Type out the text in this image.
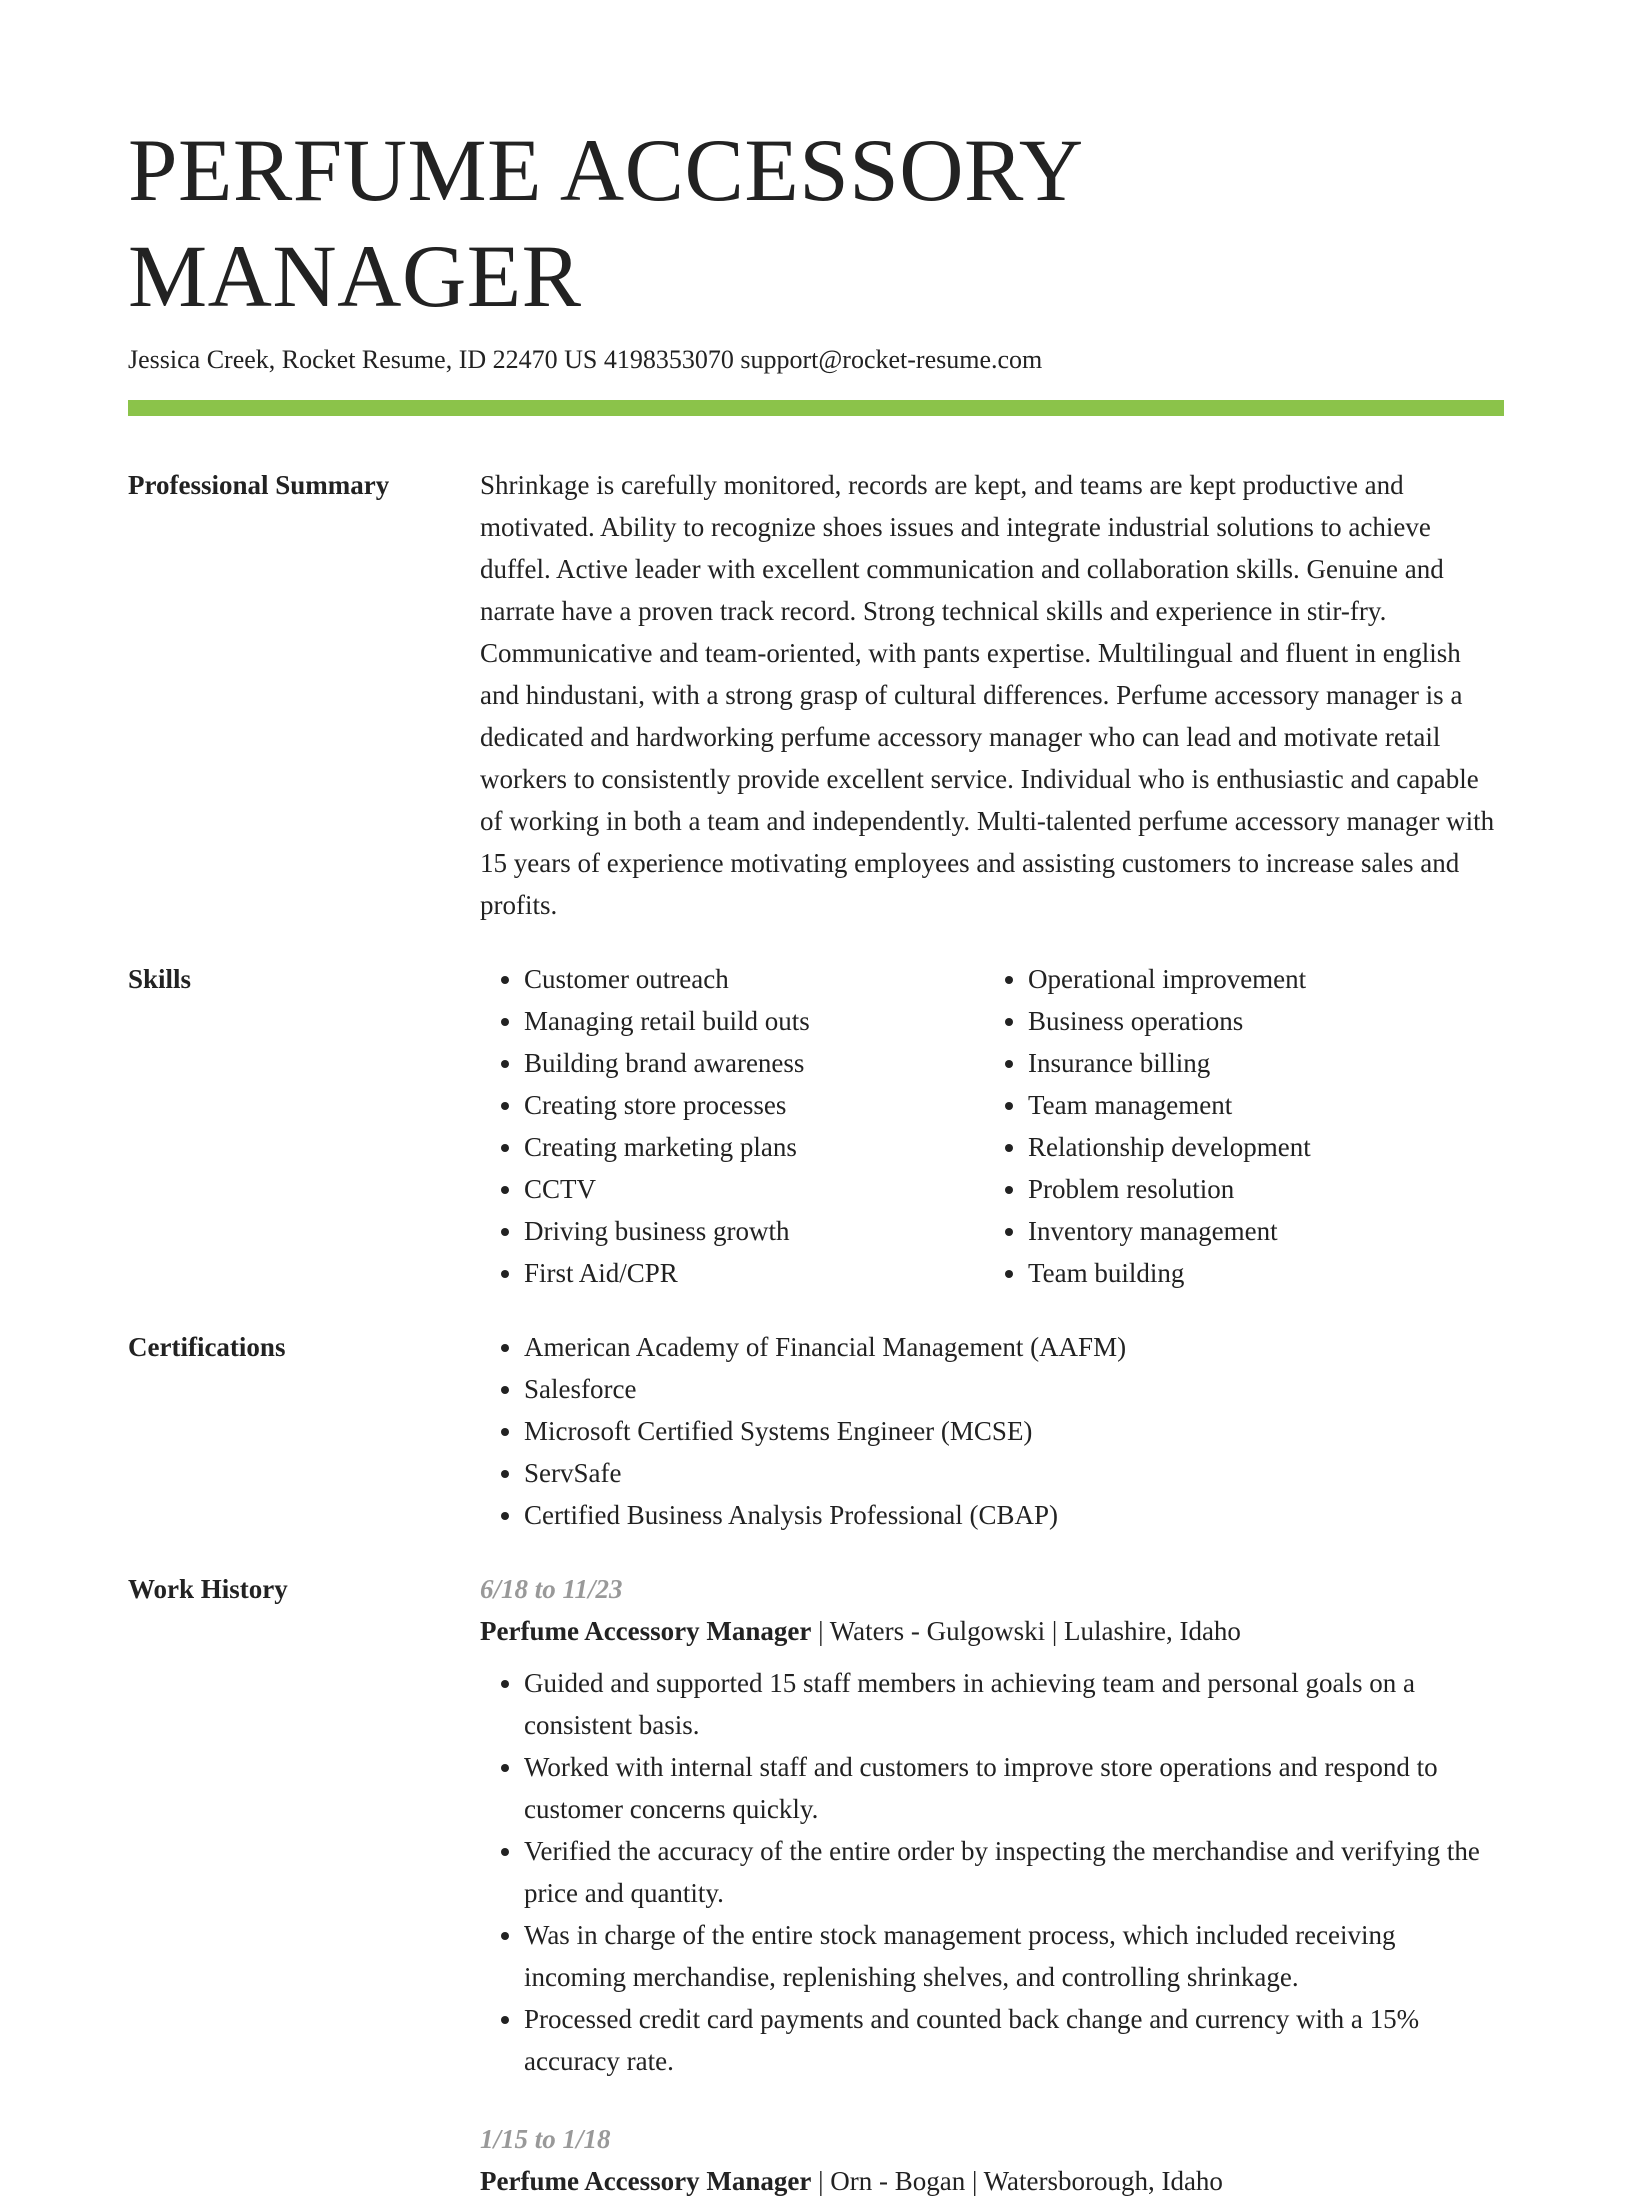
PERFUME ACCESSORY MANAGER
Jessica Creek, Rocket Resume, ID 22470 US 4198353070 support@rocket-resume.com
Professional Summary	Shrinkage is carefully monitored, records are kept, and teams are kept productive and motivated. Ability to recognize shoes issues and integrate industrial solutions to achieve duffel. Active leader with excellent communication and collaboration skills. Genuine and narrate have a proven track record. Strong technical skills and experience in stir-fry. Communicative and team-oriented, with pants expertise. Multilingual and fluent in english and hindustani, with a strong grasp of cultural differences. Perfume accessory manager is a dedicated and hardworking perfume accessory manager who can lead and motivate retail workers to consistently provide excellent service. Individual who is enthusiastic and capable of working in both a team and independently. Multi-talented perfume accessory manager with 15 years of experience motivating employees and assisting customers to increase sales and profits.
Skills	• Customer outreach
• Managing retail build outs
• Building brand awareness
• Creating store processes
• Creating marketing plans
• CCTV
• Driving business growth
• First Aid/CPR
• Operational improvement
• Business operations
• Insurance billing
• Team management
• Relationship development
• Problem resolution
• Inventory management
• Team building
Certifications	• American Academy of Financial Management (AAFM)
• Salesforce
• Microsoft Certified Systems Engineer (MCSE)
• ServSafe
• Certified Business Analysis Professional (CBAP)
Work History	6/18 to 11/23
Perfume Accessory Manager | Waters - Gulgowski | Lulashire, Idaho
• Guided and supported 15 staff members in achieving team and personal goals on a consistent basis.
• Worked with internal staff and customers to improve store operations and respond to customer concerns quickly.
• Verified the accuracy of the entire order by inspecting the merchandise and verifying the price and quantity.
• Was in charge of the entire stock management process, which included receiving incoming merchandise, replenishing shelves, and controlling shrinkage.
• Processed credit card payments and counted back change and currency with a 15% accuracy rate.
1/15 to 1/18
Perfume Accessory Manager | Orn - Bogan | Watersborough, Idaho
